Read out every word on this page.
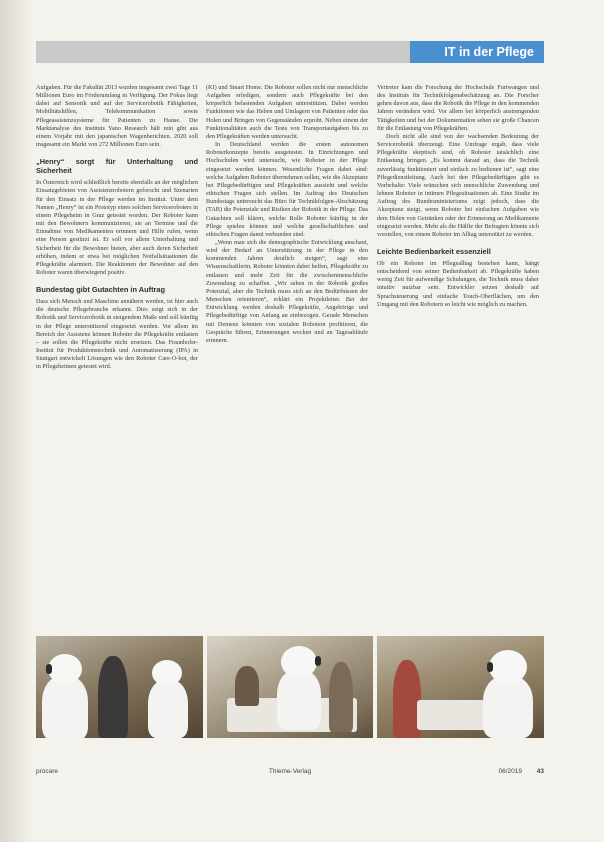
IT in der Pflege

Aufgaben. Für die Fakultät 2013 wurden insgesamt zwei Tage 11 Millionen Euro im Förderumfang in Verfügung. Der Fokus liegt dabei auf Sensorik und auf der Servicerobotik Fähigkeiten, Mobilitätshilfen, Telekommunikation sowie Pflegeassistenzsysteme für Patienten zu Hause. Die Marktanalyse des Instituts Yano Research hält rein gibt aus einem Vorjahr mit den japanischen Wagenberichten. 2020 soll insgesamt ein Markt von 272 Millionen Euro sein.

„Henry“ sorgt für Unterhaltung und Sicherheit

In Österreich wird schließlich bereits ebenfalls an der möglichen Einsatzgebieten von Assistenzrobotern geforscht und Szenarien für den Einsatz in der Pflege werden im Institut. Unter dem Namen „Henry“ ist ein Prototyp eines solchen Serviceroboters in einem Pflegeheim in Graz getestet worden. Der Roboter kann mit den Bewohnern kommunizieren, sie an Termine und die Einnahme von Medikamenten erinnern und Hilfe rufen, wenn eine Person gestürzt ist. Er soll vor allem Unterhaltung und Sicherheit für die Bewohner bieten, aber auch deren Sicherheit erhöhen, indem er etwa bei möglichen Notfallsituationen die Pflegekräfte alarmiert. Die Reaktionen der Bewohner auf den Roboter waren überwiegend positiv.

Bundestag gibt Gutachten in Auftrag

Dass sich Mensch und Maschine annähern werden, ist hier auch die deutsche Pflegebranche erkannt. Dies zeigt sich in der Robotik und Servicerobotik in steigendem Maße und soll künftig in der Pflege unterstützend eingesetzt werden. Vor allem im Bereich der Assistenz können Roboter die Pflegekräfte entlasten – sie sollen die Pflegekräfte nicht ersetzen. Das Fraunhofer-Institut für Produktionstechnik und Automatisierung (IPA) in Stuttgart entwickelt Lösungen wie den Roboter Care-O-bot, der in Pflegeheimen getestet wird.

(KI) und Smart Home. Die Roboter sollen nicht nur menschliche Aufgaben erledigen, sondern auch Pflegekräfte bei den körperlich belastenden Aufgaben unterstützen. Dabei werden Funktionen wie das Heben und Umlagern von Patienten oder das Holen und Bringen von Gegenständen erprobt. Neben einem der Funktionalitäten auch die Tests von Transportaufgaben bis zu den Pflegekräften werden untersucht.

In Deutschland werden die ersten autonomen Roboterkonzepte bereits ausgetestet. In Einrichtungen und Hochschulen wird untersucht, wie Roboter in der Pflege eingesetzt werden können. Wesentliche Fragen dabei sind: welche Aufgaben Roboter übernehmen sollen, wie die Akzeptanz bei Pflegebedürftigen und Pflegekräften aussieht und welche ethischen Fragen sich stellen. Im Auftrag des Deutschen Bundestags untersucht das Büro für Technikfolgen-Abschätzung (TAB) die Potenziale und Risiken der Robotik in der Pflege. Das Gutachten soll klären, welche Rolle Roboter künftig in der Pflege spielen können und welche gesellschaftlichen und ethischen Fragen damit verbunden sind.

„Wenn man sich die demographische Entwicklung anschaut, wird der Bedarf an Unterstützung in der Pflege in den kommenden Jahren deutlich steigen“, sagt eine Wissenschaftlerin. Roboter könnten dabei helfen, Pflegekräfte zu entlasten und mehr Zeit für die zwischenmenschliche Zuwendung zu schaffen. „Wir sehen in der Robotik großes Potenzial, aber die Technik muss sich an den Bedürfnissen der Menschen orientieren“, erklärt ein Projektleiter. Bei der Entwicklung werden deshalb Pflegekräfte, Angehörige und Pflegebedürftige von Anfang an einbezogen. Gerade Menschen mit Demenz könnten von sozialen Robotern profitieren, die Gespräche führen, Erinnerungen wecken und an Tagesabläufe erinnern.

Vertreter kam die Forschung der Hochschule Furtwangen und des Instituts für Technikfolgenabschätzung an. Die Forscher gehen davon aus, dass die Robotik die Pflege in den kommenden Jahren verändern wird. Vor allem bei körperlich anstrengenden Tätigkeiten und bei der Dokumentation sehen sie große Chancen für die Entlastung von Pflegekräften.

Doch nicht alle sind von der wachsenden Bedeutung der Servicerobotik überzeugt. Eine Umfrage ergab, dass viele Pflegekräfte skeptisch sind, ob Roboter tatsächlich eine Entlastung bringen. „Es kommt darauf an, dass die Technik zuverlässig funktioniert und einfach zu bedienen ist“, sagt eine Pflegedienstleitung. Auch bei den Pflegebedürftigen gibt es Vorbehalte: Viele wünschen sich menschliche Zuwendung und lehnen Roboter in intimen Pflegesituationen ab. Eine Studie im Auftrag des Bundesministeriums zeigt jedoch, dass die Akzeptanz steigt, wenn Roboter bei einfachen Aufgaben wie dem Holen von Getränken oder der Erinnerung an Medikamente eingesetzt werden. Mehr als die Hälfte der Befragten könnte sich vorstellen, von einem Roboter im Alltag unterstützt zu werden.

Leichte Bedienbarkeit essenziell

Ob ein Roboter im Pflegealltag bestehen kann, hängt entscheidend von seiner Bedienbarkeit ab. Pflegekräfte haben wenig Zeit für aufwendige Schulungen, die Technik muss daher intuitiv nutzbar sein. Entwickler setzen deshalb auf Sprachsteuerung und einfache Touch-Oberflächen, um den Umgang mit den Robotern so leicht wie möglich zu machen.

procare	Thieme-Verlag	06/2019 43
